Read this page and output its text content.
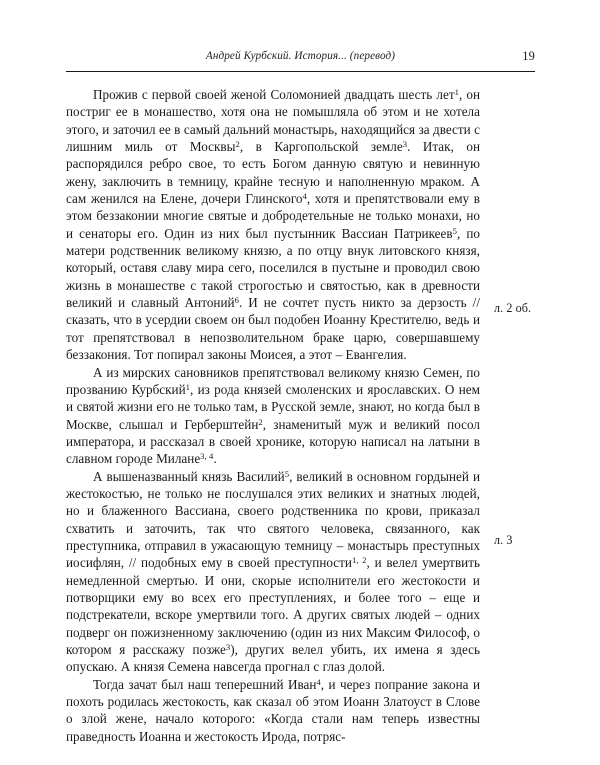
Андрей Курбский. История... (перевод)	19

Прожив с первой своей женой Соломонией двадцать шесть лет$^1$, он постриг ее в монашество, хотя она не помышляла об этом и не хотела этого, и заточил ее в самый дальний монастырь, находящийся за двести с лишним миль от Москвы$^2$, в Каргопольской земле$^3$. Итак, он распорядился ребро свое, то есть Богом данную святую и невинную жену, заключить в темницу, крайне тесную и наполненную мраком. А сам женился на Елене, дочери Глинского$^4$, хотя и препятствовали ему в этом беззаконии многие святые и добродетельные не только монахи, но и сенаторы его. Один из них был пустынник Вассиан Патрикеев$^5$, по матери родственник великому князю, а по отцу внук литовского князя, который, оставя славу мира сего, поселился в пустыне и проводил свою жизнь в монашестве с такой строгостью и святостью, как в древности великий и славный Антоний$^6$. И не сочтет пусть никто за дерзость // сказать, что в усердии своем он был подобен Иоанну Крестителю, ведь и тот препятствовал в непозволительном браке царю, совершавшему беззакония. Тот попирал законы Моисея, а этот – Евангелия.

А из мирских сановников препятствовал великому князю Семен, по прозванию Курбский$^1$, из рода князей смоленских и ярославских. О нем и святой жизни его не только там, в Русской земле, знают, но когда был в Москве, слышал и Герберштейн$^2$, знаменитый муж и великий посол императора, и рассказал в своей хронике, которую написал на латыни в славном городе Милане$^{3, 4}$.

А вышеназванный князь Василий$^5$, великий в основном гордыней и жестокостью, не только не послушался этих великих и знатных людей, но и блаженного Вассиана, своего родственника по крови, приказал схватить и заточить, так что святого человека, связанного, как преступника, отправил в ужасающую темницу – монастырь преступных иосифлян, // подобных ему в своей преступности$^{1, 2}$, и велел умертвить немедленной смертью. И они, скорые исполнители его жестокости и потворщики ему во всех его преступлениях, и более того – еще и подстрекатели, вскоре умертвили того. А других святых людей – одних подверг он пожизненному заключению (один из них Максим Философ, о котором я расскажу позже$^3$), других велел убить, их имена я здесь опускаю. А князя Семена навсегда прогнал с глаз долой.

Тогда зачат был наш теперешний Иван$^4$, и через попрание закона и похоть родилась жестокость, как сказал об этом Иоанн Златоуст в Слове о злой жене, начало которого: «Когда стали нам теперь известны праведность Иоанна и жестокость Ирода, потряс-

л. 2 об.
л. 3
